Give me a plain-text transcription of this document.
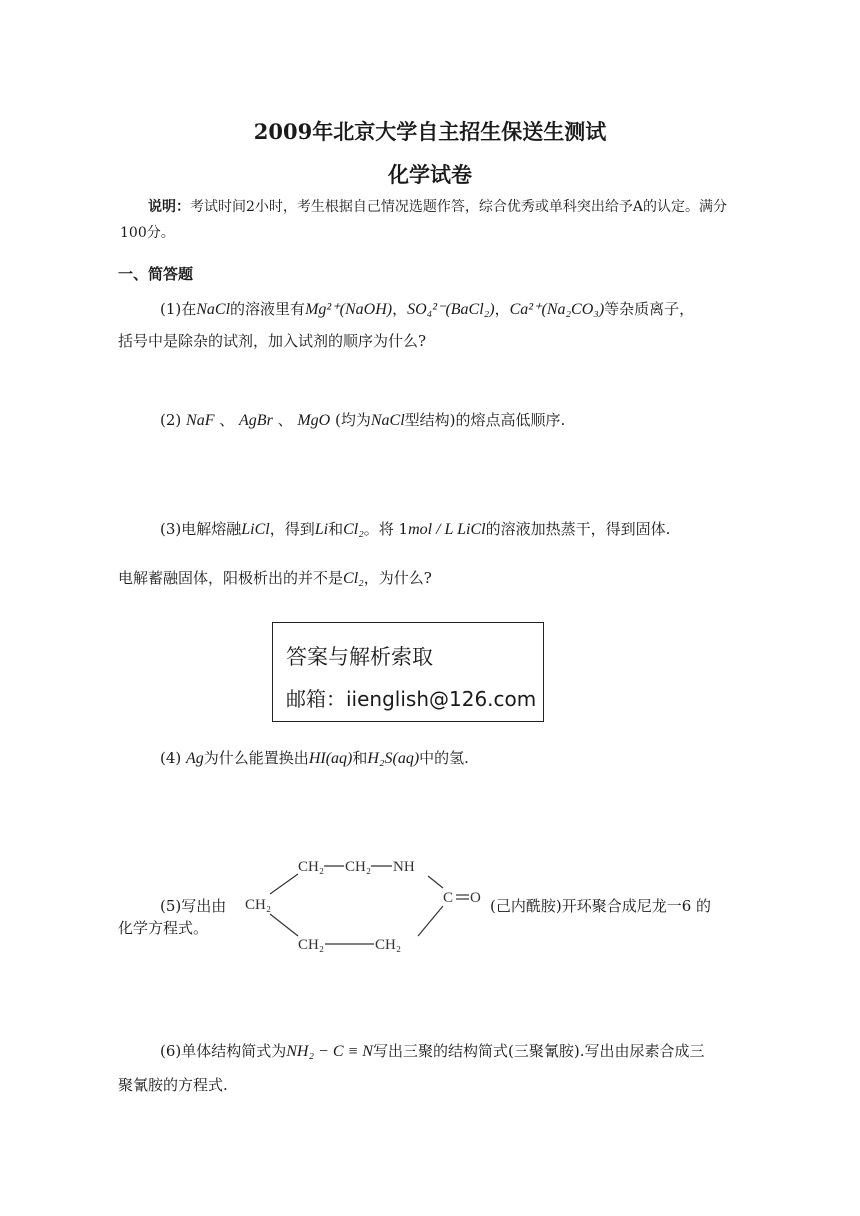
2009年北京大学自主招生保送生测试
化学试卷
  说明：考试时间2小时，考生根据自己情况选题作答，综合优秀或单科突出给予A的认定。满分100分。
一、简答题
(1)在NaCl的溶液里有Mg²⁺(NaOH)，SO₄²⁻(BaCl₂)，Ca²⁺(Na₂CO₃)等杂质离子，
括号中是除杂的试剂，加入试剂的顺序为什么?
(2) NaF 、 AgBr 、 MgO (均为NaCl型结构)的熔点高低顺序.
(3)电解熔融LiCl，得到Li和Cl₂。将 1mol / L LiCl的溶液加热蒸干，得到固体.
电解蓄融固体，阳极析出的并不是Cl₂，为什么?
答案与解析索取
邮箱：iienglish@126.com
(4) Ag为什么能置换出HI(aq)和H₂S(aq)中的氢.
(5)写出由	(己内酰胺)开环聚合成尼龙一6 的
化学方程式。
CH₂ CH₂ NH
CH₂	C O
CH₂	CH₂
(6)单体结构简式为NH₂ − C ≡ N写出三聚的结构简式(三聚氰胺).写出由尿素合成三
聚氰胺的方程式.
